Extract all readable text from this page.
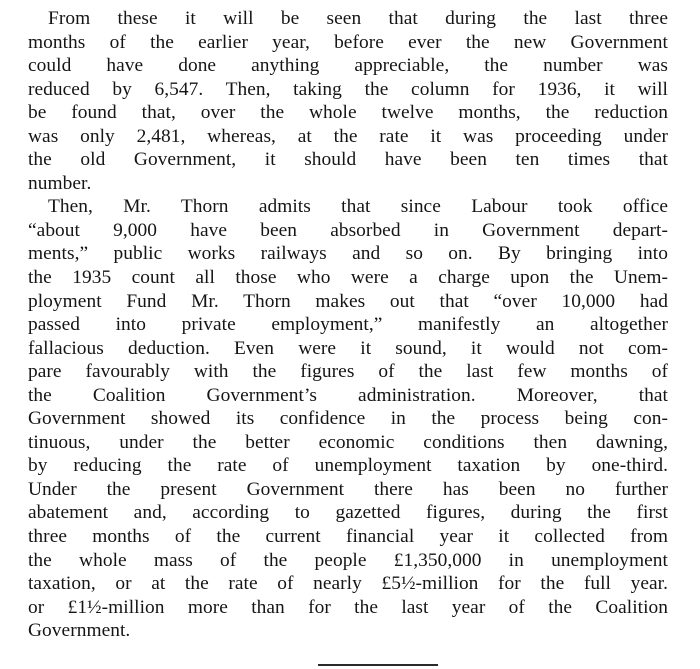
From these it will be seen that during the last three
months of the earlier year, before ever the new Government
could have done anything appreciable, the number was
reduced by 6,547. Then, taking the column for 1936, it will
be found that, over the whole twelve months, the reduction
was only 2,481, whereas, at the rate it was proceeding under
the old Government, it should have been ten times that
number.
Then, Mr. Thorn admits that since Labour took office
“about 9,000 have been absorbed in Government depart-
ments,” public works railways and so on. By bringing into
the 1935 count all those who were a charge upon the Unem-
ployment Fund Mr. Thorn makes out that “over 10,000 had
passed into private employment,” manifestly an altogether
fallacious deduction. Even were it sound, it would not com-
pare favourably with the figures of the last few months of
the Coalition Government’s administration. Moreover, that
Government showed its confidence in the process being con-
tinuous, under the better economic conditions then dawning,
by reducing the rate of unemployment taxation by one-third.
Under the present Government there has been no further
abatement and, according to gazetted figures, during the first
three months of the current financial year it collected from
the whole mass of the people £1,350,000 in unemployment
taxation, or at the rate of nearly £5½-million for the full year.
or £1½-million more than for the last year of the Coalition
Government.
